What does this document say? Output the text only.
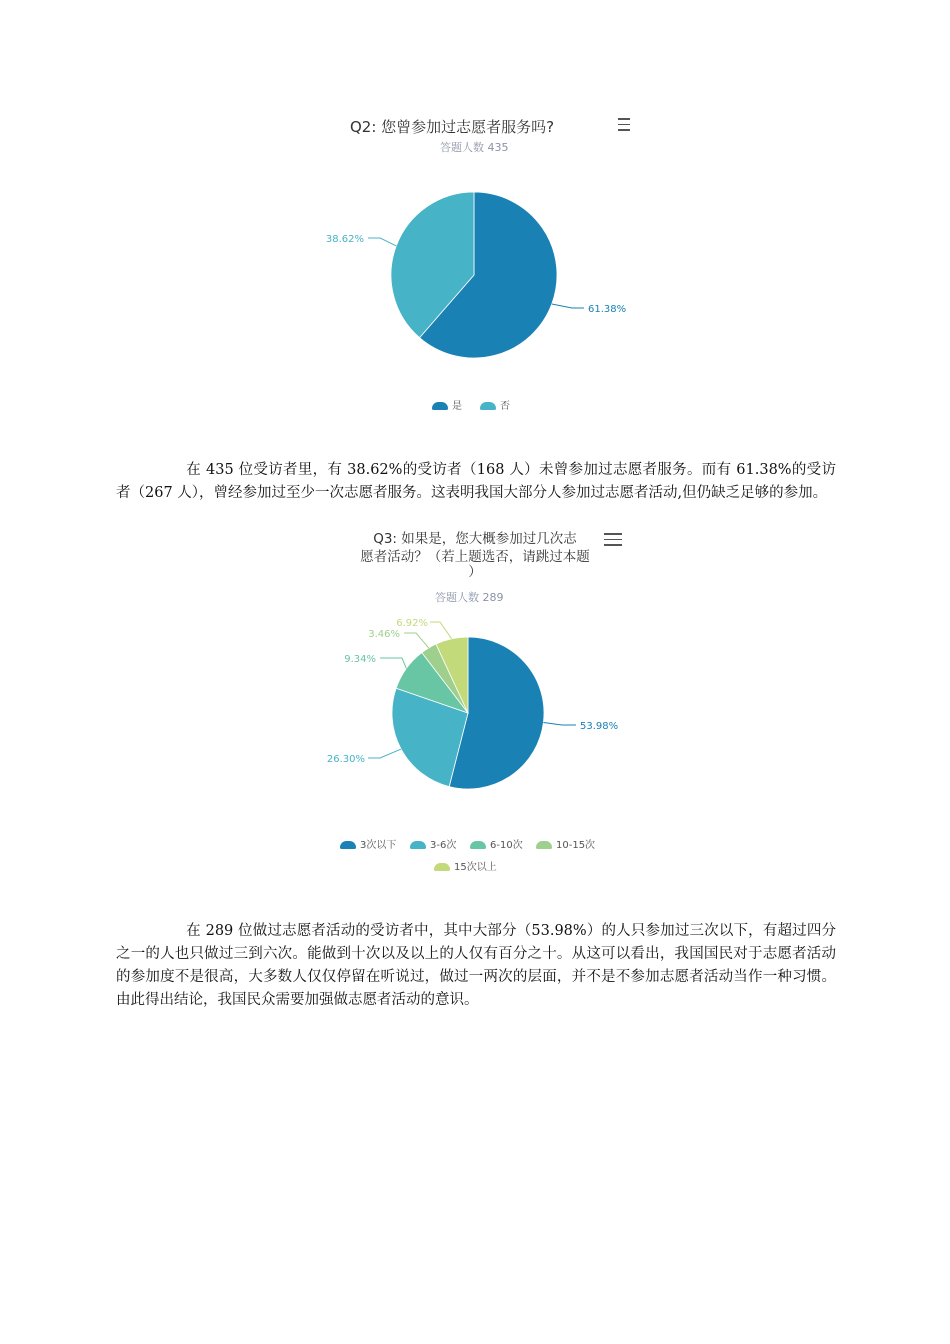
Q2: 您曾参加过志愿者服务吗?
答题人数 435
61.38%
38.62%
是	否
在 435 位受访者里，有 38.62%的受访者（168 人）未曾参加过志愿者服务。而有 61.38%的受访者（267 人），曾经参加过至少一次志愿者服务。这表明我国大部分人参加过志愿者活动,但仍缺乏足够的参加。
Q3: 如果是，您大概参加过几次志
愿者活动？（若上题选否，请跳过本题
）
答题人数 289
53.98%
26.30%
9.34%
3.46%
6.92%
3次以下	3-6次	6-10次	10-15次
15次以上
在 289 位做过志愿者活动的受访者中，其中大部分（53.98%）的人只参加过三次以下，有超过四分之一的人也只做过三到六次。能做到十次以及以上的人仅有百分之十。从这可以看出，我国国民对于志愿者活动的参加度不是很高，大多数人仅仅停留在听说过，做过一两次的层面，并不是不参加志愿者活动当作一种习惯。由此得出结论，我国民众需要加强做志愿者活动的意识。
